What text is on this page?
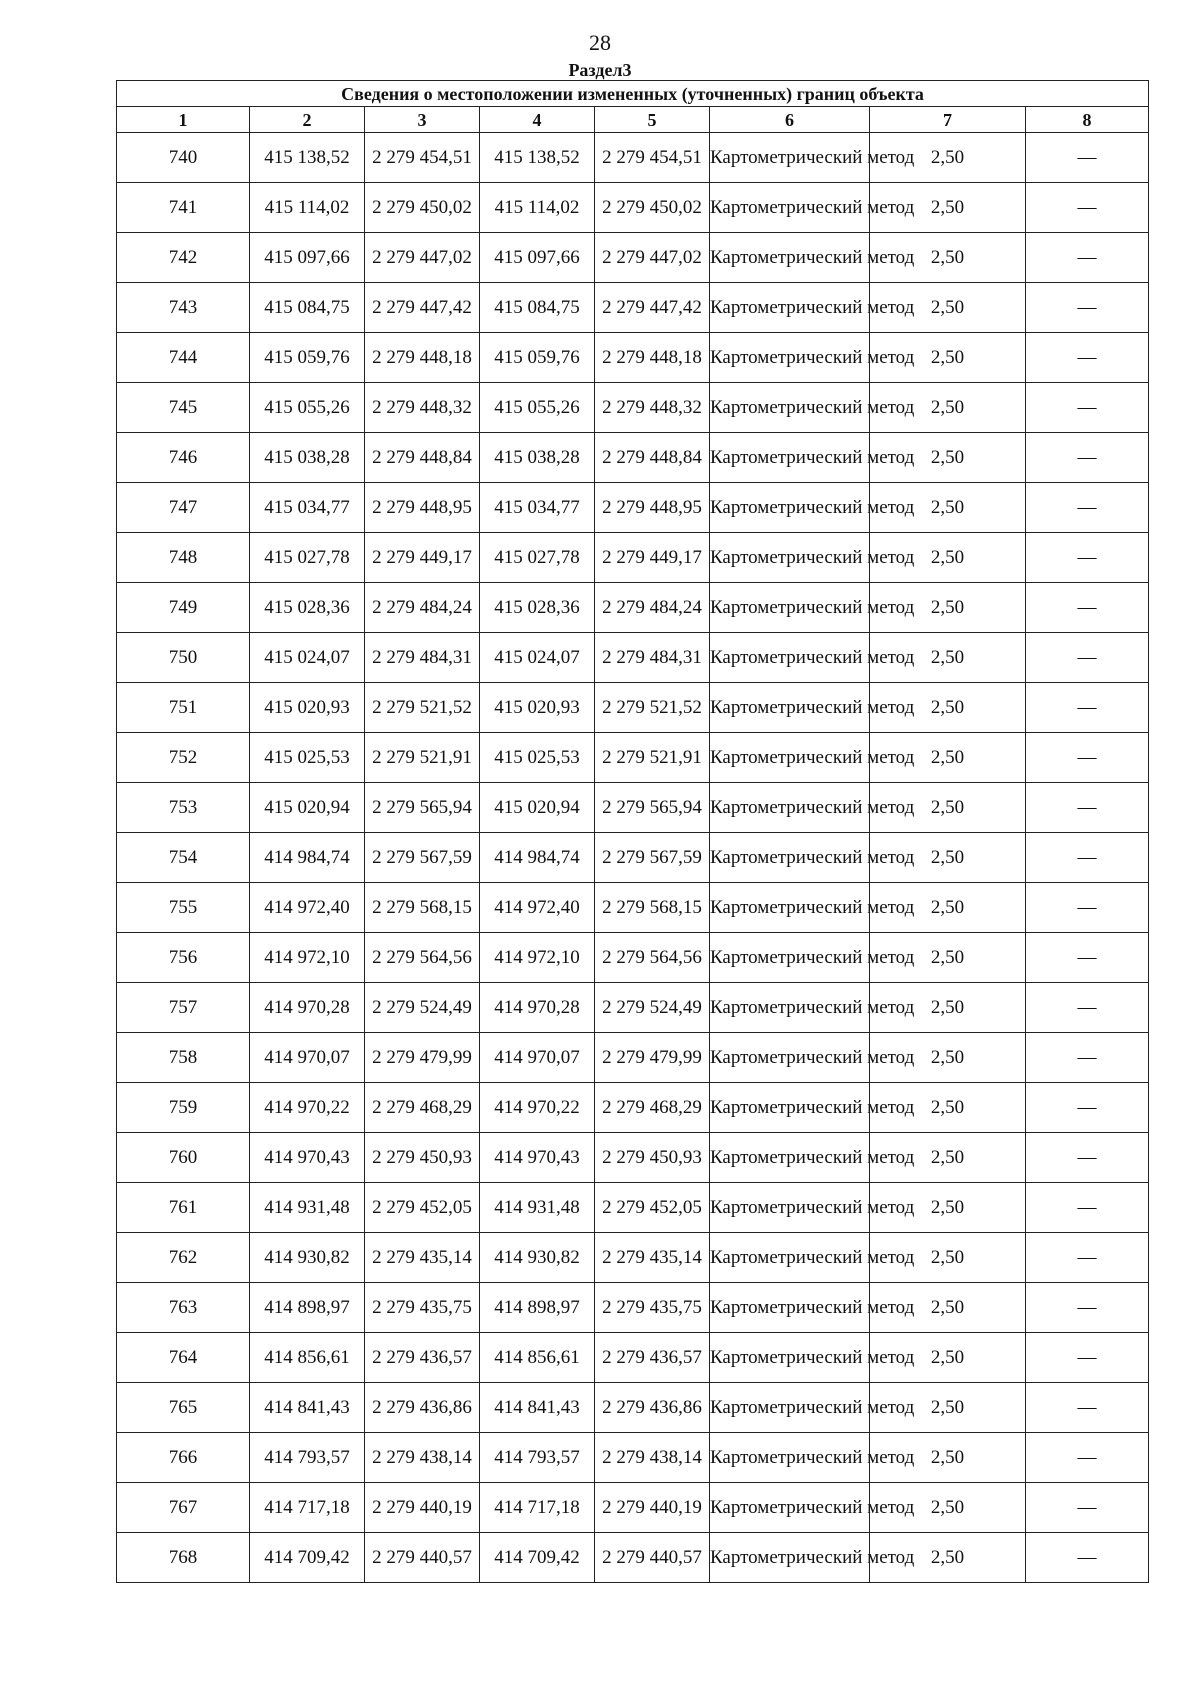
28
Раздел3
Сведения о местоположении измененных (уточненных) границ объекта							
1	2	3	4	5	6	7	8
740	415 138,52	2 279 454,51	415 138,52	2 279 454,51	Картометрический метод	2,50	—
741	415 114,02	2 279 450,02	415 114,02	2 279 450,02	Картометрический метод	2,50	—
742	415 097,66	2 279 447,02	415 097,66	2 279 447,02	Картометрический метод	2,50	—
743	415 084,75	2 279 447,42	415 084,75	2 279 447,42	Картометрический метод	2,50	—
744	415 059,76	2 279 448,18	415 059,76	2 279 448,18	Картометрический метод	2,50	—
745	415 055,26	2 279 448,32	415 055,26	2 279 448,32	Картометрический метод	2,50	—
746	415 038,28	2 279 448,84	415 038,28	2 279 448,84	Картометрический метод	2,50	—
747	415 034,77	2 279 448,95	415 034,77	2 279 448,95	Картометрический метод	2,50	—
748	415 027,78	2 279 449,17	415 027,78	2 279 449,17	Картометрический метод	2,50	—
749	415 028,36	2 279 484,24	415 028,36	2 279 484,24	Картометрический метод	2,50	—
750	415 024,07	2 279 484,31	415 024,07	2 279 484,31	Картометрический метод	2,50	—
751	415 020,93	2 279 521,52	415 020,93	2 279 521,52	Картометрический метод	2,50	—
752	415 025,53	2 279 521,91	415 025,53	2 279 521,91	Картометрический метод	2,50	—
753	415 020,94	2 279 565,94	415 020,94	2 279 565,94	Картометрический метод	2,50	—
754	414 984,74	2 279 567,59	414 984,74	2 279 567,59	Картометрический метод	2,50	—
755	414 972,40	2 279 568,15	414 972,40	2 279 568,15	Картометрический метод	2,50	—
756	414 972,10	2 279 564,56	414 972,10	2 279 564,56	Картометрический метод	2,50	—
757	414 970,28	2 279 524,49	414 970,28	2 279 524,49	Картометрический метод	2,50	—
758	414 970,07	2 279 479,99	414 970,07	2 279 479,99	Картометрический метод	2,50	—
759	414 970,22	2 279 468,29	414 970,22	2 279 468,29	Картометрический метод	2,50	—
760	414 970,43	2 279 450,93	414 970,43	2 279 450,93	Картометрический метод	2,50	—
761	414 931,48	2 279 452,05	414 931,48	2 279 452,05	Картометрический метод	2,50	—
762	414 930,82	2 279 435,14	414 930,82	2 279 435,14	Картометрический метод	2,50	—
763	414 898,97	2 279 435,75	414 898,97	2 279 435,75	Картометрический метод	2,50	—
764	414 856,61	2 279 436,57	414 856,61	2 279 436,57	Картометрический метод	2,50	—
765	414 841,43	2 279 436,86	414 841,43	2 279 436,86	Картометрический метод	2,50	—
766	414 793,57	2 279 438,14	414 793,57	2 279 438,14	Картометрический метод	2,50	—
767	414 717,18	2 279 440,19	414 717,18	2 279 440,19	Картометрический метод	2,50	—
768	414 709,42	2 279 440,57	414 709,42	2 279 440,57	Картометрический метод	2,50	—
